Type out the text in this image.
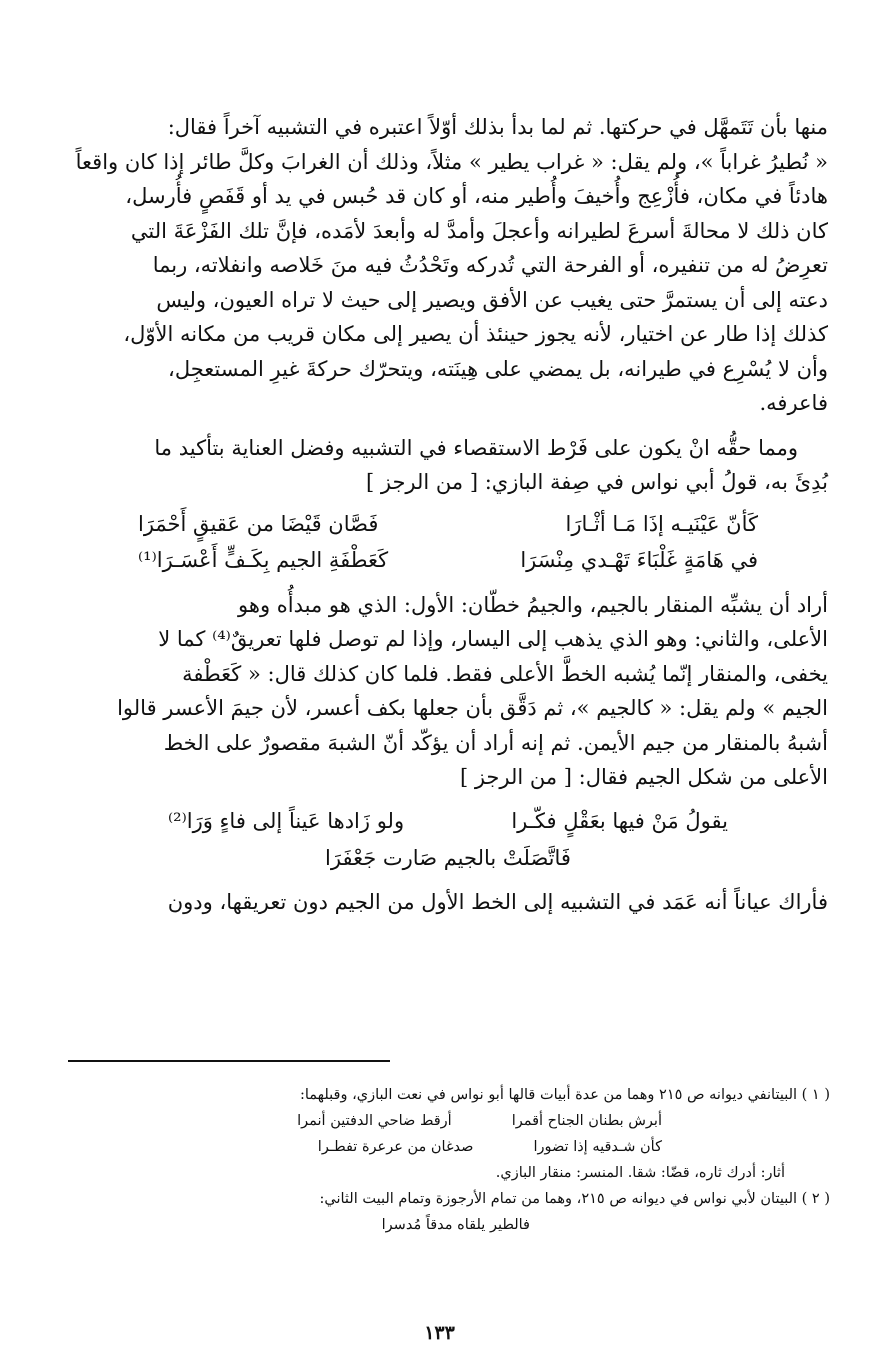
منها بأن تَتَمهَّل في حركتها. ثم لما بدأ بذلك أوّلاً اعتبره في التشبيه آخراً فقال:

« نُطيرُ غراباً »، ولم يقل: « غراب يطير » مثلاً، وذلك أن الغرابَ وكلَّ طائر إذا كان واقعاً

هادئاً في مكان، فأُزْعِج وأُخيفَ وأُطير منه، أو كان قد حُبس في يد أو قَفَصٍ فأُرسل،

كان ذلك لا محالةَ أسرعَ لطيرانه وأعجلَ وأمدَّ له وأبعدَ لأمَده، فإنَّ تلك الفَزْعَةَ التي

تعرِضُ له من تنفيره، أو الفرحة التي تُدركه وتَحْدُثُ فيه منَ خَلاصه وانفلاته، ربما

دعته إلى أن يستمرَّ حتى يغيب عن الأفق ويصير إلى حيث لا تراه العيون، وليس

كذلك إذا طار عن اختيار، لأنه يجوز حينئذ أن يصير إلى مكان قريب من مكانه الأوّل،

وأن لا يُسْرِع في طيرانه، بل يمضي على هِينَته، ويتحرّك حركةَ غيرِ المستعجِل،

فاعرفه.

ومما حقُّه انْ يكون على فَرْط الاستقصاء في التشبيه وفضل العناية بتأكيد ما

بُدِئَ به، قولُ أبي نواس في صِفة البازي: [ من الرجز ]

كَأنّ عَيْنَيـه إذَا مَـا أثْـارَا
فَصَّان قَيْضَا من عَقيقٍ أَحْمَرَا
في هَامَةٍ غَلْبَاءَ تَهْـدي مِنْسَرَا
كَعَطْفَةِ الجيم بِكَـفٍّ أَعْسَـرَا⁽¹⁾

أراد أن يشبِّه المنقار بالجيم، والجيمُ خطّان: الأول: الذي هو مبدأُه وهو

الأعلى، والثاني: وهو الذي يذهب إلى اليسار، وإذا لم توصل فلها تعريقٌ⁽⁴⁾ كما لا

يخفى، والمنقار إنّما يُشبه الخطَّ الأعلى فقط. فلما كان كذلك قال: « كَعَطْفة

الجيم » ولم يقل: « كالجيم »، ثم دَقَّق بأن جعلها بكف أعسر، لأن جيمَ الأعسر قالوا

أشبهُ بالمنقار من جيم الأيمن. ثم إنه أراد أن يؤكّد أنّ الشبهَ مقصورٌ على الخط

الأعلى من شكل الجيم فقال: [ من الرجز ]

يقولُ مَنْ فيها بعَقْلٍ فكّـرا
ولو زَادها عَيناً إلى فاءٍ وَرَا⁽²⁾
فَاتَّصَلَتْ بالجيم صَارت جَعْفَرَا

فأراك عياناً أنه عَمَد في التشبيه إلى الخط الأول من الجيم دون تعريقها، ودون

( ١ ) البيتانفي ديوانه ص ٢١٥ وهما من عدة أبيات قالها أبو نواس في نعت البازي، وقبلهما:

أبرش بطنان الجناح أقمرا
أرقط ضاحي الدفتين أنمرا
كأن شـدقيه إذا تضورا
صدغان من عرعرة تفطـرا

أثار: أدرك ثاره، قضّا: شقا. المنسر: منقار البازي.

( ٢ ) البيتان لأبي نواس في ديوانه ص ٢١٥، وهما من تمام الأرجوزة وتمام البيت الثاني:

فالطير يلقاه مدقاً مُدسرا
١٣٣
